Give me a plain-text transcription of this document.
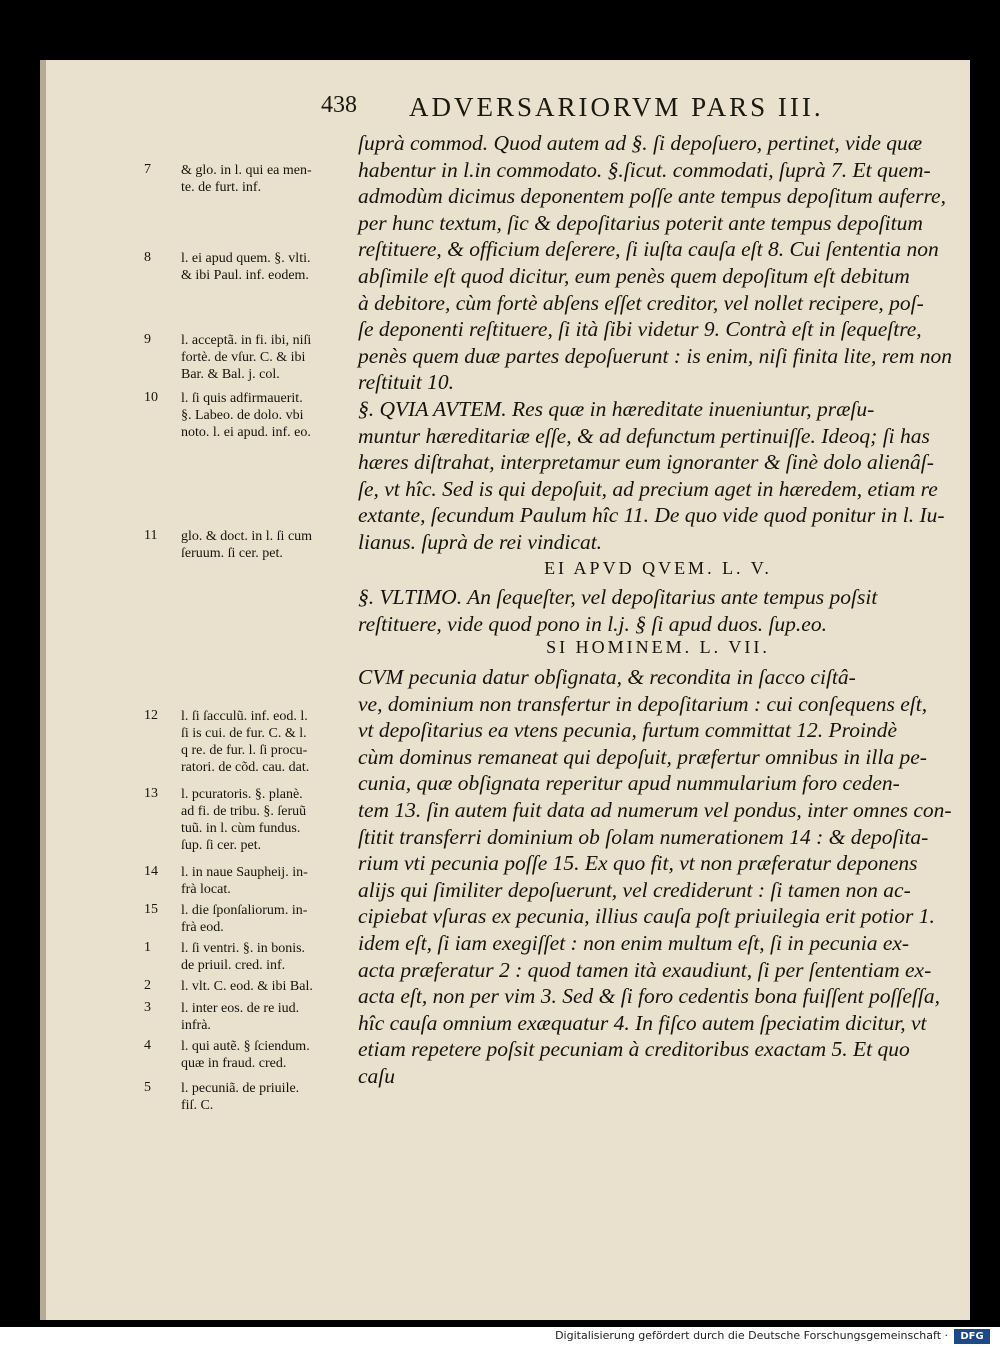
438 ADVERSARIORVM PARS III.
ſuprà commod. Quod autem ad §. ſi depoſuero, pertinet, vide quæ
habentur in l.in commodato. §.ſicut. commodati, ſuprà 7. Et quem-
admodùm dicimus deponentem poſſe ante tempus depoſitum auferre,
per hunc textum, ſic & depoſitarius poterit ante tempus depoſitum
reſtituere, & officium deſerere, ſi iuſta cauſa eſt 8. Cui ſententia non
abſimile eſt quod dicitur, eum penès quem depoſitum eſt debitum
à debitore, cùm fortè abſens eſſet creditor, vel nollet recipere, poſ-
ſe deponenti reſtituere, ſi ità ſibi videtur 9. Contrà eſt in ſequeſtre,
penès quem duæ partes depoſuerunt : is enim, niſi finita lite, rem non
reſtituit 10.
§. QVIA AVTEM. Res quæ in hæreditate inueniuntur, præſu-
muntur hæreditariæ eſſe, & ad defunctum pertinuiſſe. Ideoq; ſi has
hæres diſtrahat, interpretamur eum ignoranter & ſinè dolo alienâſ-
ſe, vt hîc. Sed is qui depoſuit, ad precium aget in hæredem, etiam re
extante, ſecundum Paulum hîc 11. De quo vide quod ponitur in l. Iu-
lianus. ſuprà de rei vindicat.
EI APVD QVEM. L. V.
§. VLTIMO. An ſequeſter, vel depoſitarius ante tempus poſsit
reſtituere, vide quod pono in l.j. § ſi apud duos. ſup.eo.
SI HOMINEM. L. VII.
CVM pecunia datur obſignata, & recondita in ſacco ciſtâ-
ve, dominium non transfertur in depoſitarium : cui conſequens eſt,
vt depoſitarius ea vtens pecunia, furtum committat 12. Proindè
cùm dominus remaneat qui depoſuit, præfertur omnibus in illa pe-
cunia, quæ obſignata reperitur apud nummularium foro ceden-
tem 13. ſin autem fuit data ad numerum vel pondus, inter omnes con-
ſtitit transferri dominium ob ſolam numerationem 14 : & depoſita-
rium vti pecunia poſſe 15. Ex quo fit, vt non præferatur deponens
alijs qui ſimiliter depoſuerunt, vel crediderunt : ſi tamen non ac-
cipiebat vſuras ex pecunia, illius cauſa poſt priuilegia erit potior 1.
idem eſt, ſi iam exegiſſet : non enim multum eſt, ſi in pecunia ex-
acta præferatur 2 : quod tamen ità exaudiunt, ſi per ſententiam ex-
acta eſt, non per vim 3. Sed & ſi foro cedentis bona fuiſſent poſſeſſa,
hîc cauſa omnium exæquatur 4. In fiſco autem ſpeciatim dicitur, vt
etiam repetere poſsit pecuniam à creditoribus exactam 5. Et quo
caſu
7	& glo. in l. qui ea men-
te. de furt. inf.
8	l. ei apud quem. §. vlti.
& ibi Paul. inf. eodem.
9	l. acceptã. in fi. ibi, niſi
fortè. de vſur. C. & ibi
Bar. & Bal. j. col.
10	l. ſi quis adfirmauerit.
§. Labeo. de dolo. vbi
noto. l. ei apud. inf. eo.
11	glo. & doct. in l. ſi cum
ſeruum. ſi cer. pet.
12	l. ſi ſacculũ. inf. eod. l.
ſi is cui. de fur. C. & l.
q re. de fur. l. ſi procu-
ratori. de cõd. cau. dat.
13	l. pcuratoris. §. planè.
ad fi. de tribu. §. ſeruũ
tuũ. in l. cùm fundus.
ſup. ſi cer. pet.
14	l. in naue Saupheij. in-
frà locat.
15	l. die ſponſaliorum. in-
frà eod.
1	l. ſi ventri. §. in bonis.
de priuil. cred. inf.
2	l. vlt. C. eod. & ibi Bal.
3	l. inter eos. de re iud.
infrà.
4	l. qui autẽ. § ſciendum.
quæ in fraud. cred.
5	l. pecuniã. de priuile.
fiſ. C.
Digitalisierung gefördert durch die Deutsche Forschungsgemeinschaft ·	DFG
